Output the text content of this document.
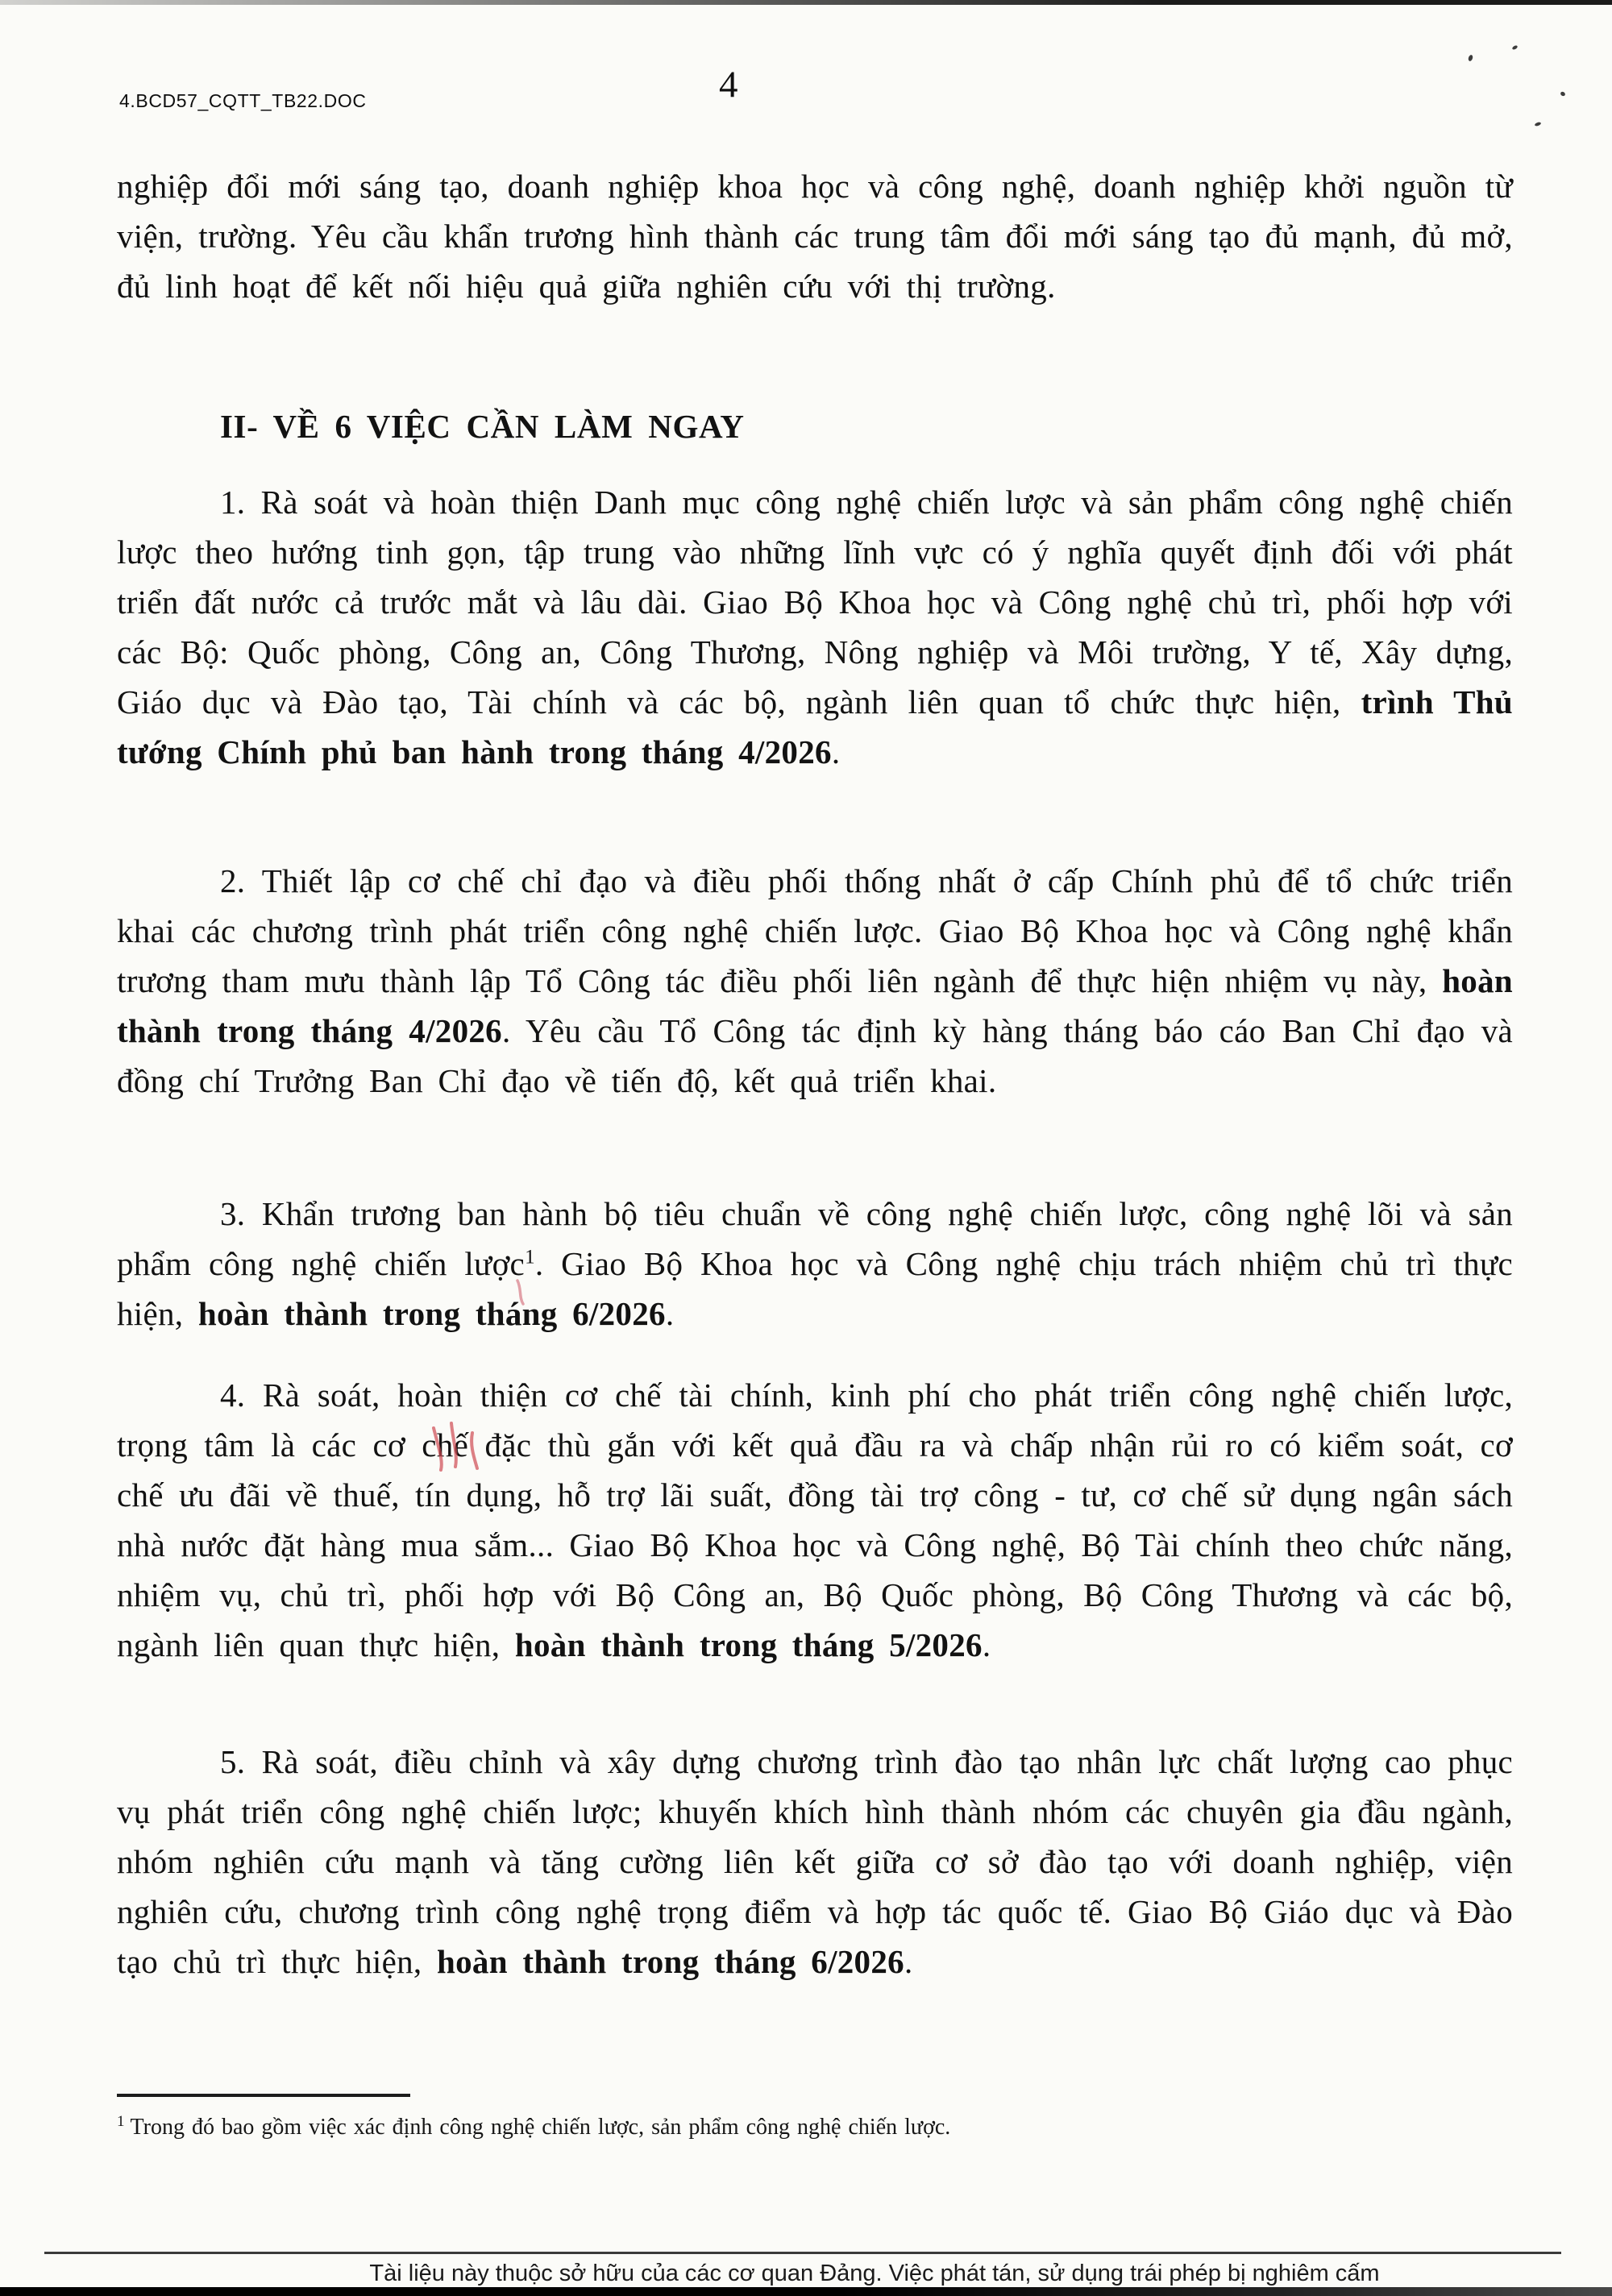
4.BCD57_CQTT_TB22.DOC	4

nghiệp đổi mới sáng tạo, doanh nghiệp khoa học và công nghệ, doanh nghiệp khởi nguồn từ viện, trường. Yêu cầu khẩn trương hình thành các trung tâm đổi mới sáng tạo đủ mạnh, đủ mở, đủ linh hoạt để kết nối hiệu quả giữa nghiên cứu với thị trường.

II- VỀ 6 VIỆC CẦN LÀM NGAY

1. Rà soát và hoàn thiện Danh mục công nghệ chiến lược và sản phẩm công nghệ chiến lược theo hướng tinh gọn, tập trung vào những lĩnh vực có ý nghĩa quyết định đối với phát triển đất nước cả trước mắt và lâu dài. Giao Bộ Khoa học và Công nghệ chủ trì, phối hợp với các Bộ: Quốc phòng, Công an, Công Thương, Nông nghiệp và Môi trường, Y tế, Xây dựng, Giáo dục và Đào tạo, Tài chính và các bộ, ngành liên quan tổ chức thực hiện, trình Thủ tướng Chính phủ ban hành trong tháng 4/2026.

2. Thiết lập cơ chế chỉ đạo và điều phối thống nhất ở cấp Chính phủ để tổ chức triển khai các chương trình phát triển công nghệ chiến lược. Giao Bộ Khoa học và Công nghệ khẩn trương tham mưu thành lập Tổ Công tác điều phối liên ngành để thực hiện nhiệm vụ này, hoàn thành trong tháng 4/2026. Yêu cầu Tổ Công tác định kỳ hàng tháng báo cáo Ban Chỉ đạo và đồng chí Trưởng Ban Chỉ đạo về tiến độ, kết quả triển khai.

3. Khẩn trương ban hành bộ tiêu chuẩn về công nghệ chiến lược, công nghệ lõi và sản phẩm công nghệ chiến lược$^1$. Giao Bộ Khoa học và Công nghệ chịu trách nhiệm chủ trì thực hiện, hoàn thành trong tháng 6/2026.

4. Rà soát, hoàn thiện cơ chế tài chính, kinh phí cho phát triển công nghệ chiến lược, trọng tâm là các cơ chế đặc thù gắn với kết quả đầu ra và chấp nhận rủi ro có kiểm soát, cơ chế ưu đãi về thuế, tín dụng, hỗ trợ lãi suất, đồng tài trợ công - tư, cơ chế sử dụng ngân sách nhà nước đặt hàng mua sắm... Giao Bộ Khoa học và Công nghệ, Bộ Tài chính theo chức năng, nhiệm vụ, chủ trì, phối hợp với Bộ Công an, Bộ Quốc phòng, Bộ Công Thương và các bộ, ngành liên quan thực hiện, hoàn thành trong tháng 5/2026.

5. Rà soát, điều chỉnh và xây dựng chương trình đào tạo nhân lực chất lượng cao phục vụ phát triển công nghệ chiến lược; khuyến khích hình thành nhóm các chuyên gia đầu ngành, nhóm nghiên cứu mạnh và tăng cường liên kết giữa cơ sở đào tạo với doanh nghiệp, viện nghiên cứu, chương trình công nghệ trọng điểm và hợp tác quốc tế. Giao Bộ Giáo dục và Đào tạo chủ trì thực hiện, hoàn thành trong tháng 6/2026.

$^1$ Trong đó bao gồm việc xác định công nghệ chiến lược, sản phẩm công nghệ chiến lược.
Tài liệu này thuộc sở hữu của các cơ quan Đảng. Việc phát tán, sử dụng trái phép bị nghiêm cấm
